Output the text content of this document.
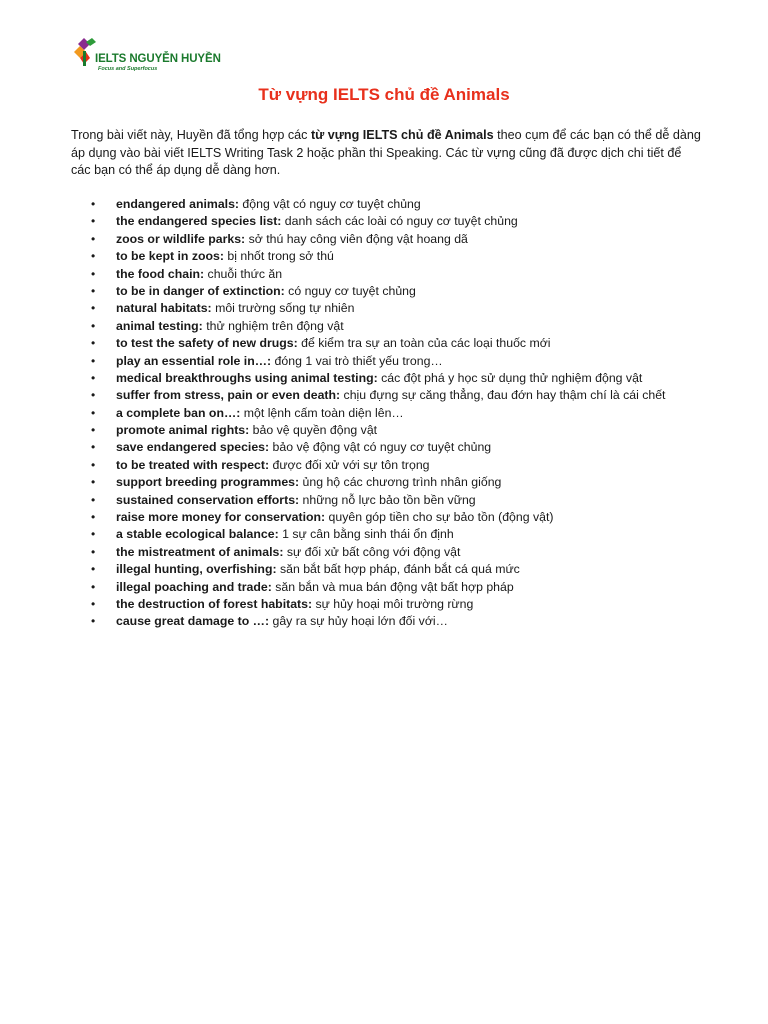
IELTS NGUYỄN HUYỀN
Focus and Superfocus
Từ vựng IELTS chủ đề Animals

Trong bài viết này, Huyền đã tổng hợp các từ vựng IELTS chủ đề Animals theo cụm để các bạn có thể dễ dàng áp dụng vào bài viết IELTS Writing Task 2 hoặc phần thi Speaking. Các từ vựng cũng đã được dịch chi tiết để các bạn có thể áp dụng dễ dàng hơn.

•	endangered animals: động vật có nguy cơ tuyệt chủng
•	the endangered species list: danh sách các loài có nguy cơ tuyệt chủng
•	zoos or wildlife parks: sở thú hay công viên động vật hoang dã
•	to be kept in zoos: bị nhốt trong sở thú
•	the food chain: chuỗi thức ăn
•	to be in danger of extinction: có nguy cơ tuyệt chủng
•	natural habitats: môi trường sống tự nhiên
•	animal testing: thử nghiệm trên động vật
•	to test the safety of new drugs: để kiểm tra sự an toàn của các loại thuốc mới
•	play an essential role in…: đóng 1 vai trò thiết yếu trong…
•	medical breakthroughs using animal testing: các đột phá y học sử dụng thử nghiệm động vật
•	suffer from stress, pain or even death: chịu đựng sự căng thẳng, đau đớn hay thậm chí là cái chết
•	a complete ban on…: một lệnh cấm toàn diện lên…
•	promote animal rights: bảo vệ quyền động vật
•	save endangered species: bảo vệ động vật có nguy cơ tuyệt chủng
•	to be treated with respect: được đối xử với sự tôn trọng
•	support breeding programmes: ủng hộ các chương trình nhân giống
•	sustained conservation efforts: những nỗ lực bảo tồn bền vững
•	raise more money for conservation: quyên góp tiền cho sự bảo tồn (động vật)
•	a stable ecological balance: 1 sự cân bằng sinh thái ổn định
•	the mistreatment of animals: sự đối xử bất công với động vật
•	illegal hunting, overfishing: săn bắt bất hợp pháp, đánh bắt cá quá mức
•	illegal poaching and trade: săn bắn và mua bán động vật bất hợp pháp
•	the destruction of forest habitats: sự hủy hoại môi trường rừng
•	cause great damage to …: gây ra sự hủy hoại lớn đối với…
